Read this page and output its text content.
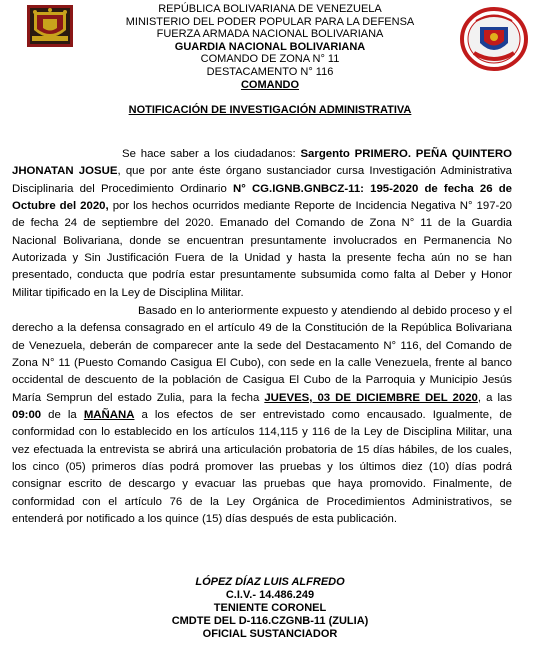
REPÚBLICA BOLIVARIANA DE VENEZUELA
MINISTERIO DEL PODER POPULAR PARA LA DEFENSA
FUERZA ARMADA NACIONAL BOLIVARIANA
GUARDIA NACIONAL BOLIVARIANA
COMANDO DE ZONA N° 11
DESTACAMENTO N° 116
COMANDO
NOTIFICACIÓN DE INVESTIGACIÓN ADMINISTRATIVA

Se hace saber a los ciudadanos: Sargento PRIMERO. PEÑA QUINTERO JHONATAN JOSUE, que por ante éste órgano sustanciador cursa Investigación Administrativa Disciplinaria del Procedimiento Ordinario N° CG.IGNB.GNBCZ-11: 195-2020 de fecha 26 de Octubre del 2020, por los hechos ocurridos mediante Reporte de Incidencia Negativa N° 197-20 de fecha 24 de septiembre del 2020. Emanado del Comando de Zona N° 11 de la Guardia Nacional Bolivariana, donde se encuentran presuntamente involucrados en Permanencia No Autorizada y Sin Justificación Fuera de la Unidad y hasta la presente fecha aún no se han presentado, conducta que podría estar presuntamente subsumida como falta al Deber y Honor Militar tipificado en la Ley de Disciplina Militar.

Basado en lo anteriormente expuesto y atendiendo al debido proceso y el derecho a la defensa consagrado en el artículo 49 de la Constitución de la República Bolivariana de Venezuela, deberán de comparecer ante la sede del Destacamento N° 116, del Comando de Zona N° 11 (Puesto Comando Casigua El Cubo), con sede en la calle Venezuela, frente al banco occidental de descuento de la población de Casigua El Cubo de la Parroquia y Municipio Jesús María Semprun del estado Zulia, para la fecha JUEVES, 03 DE DICIEMBRE DEL 2020, a las 09:00 de la MAÑANA a los efectos de ser entrevistado como encausado. Igualmente, de conformidad con lo establecido en los artículos 114,115 y 116 de la Ley de Disciplina Militar, una vez efectuada la entrevista se abrirá una articulación probatoria de 15 días hábiles, de los cuales, los cinco (05) primeros días podrá promover las pruebas y los últimos diez (10) días podrá consignar escrito de descargo y evacuar las pruebas que haya promovido. Finalmente, de conformidad con el artículo 76 de la Ley Orgánica de Procedimientos Administrativos, se entenderá por notificado a los quince (15) días después de esta publicación.

LÓPEZ DÍAZ LUIS ALFREDO
C.I.V.- 14.486.249
TENIENTE CORONEL
CMDTE DEL D-116.CZGNB-11 (ZULIA)
OFICIAL SUSTANCIADOR
